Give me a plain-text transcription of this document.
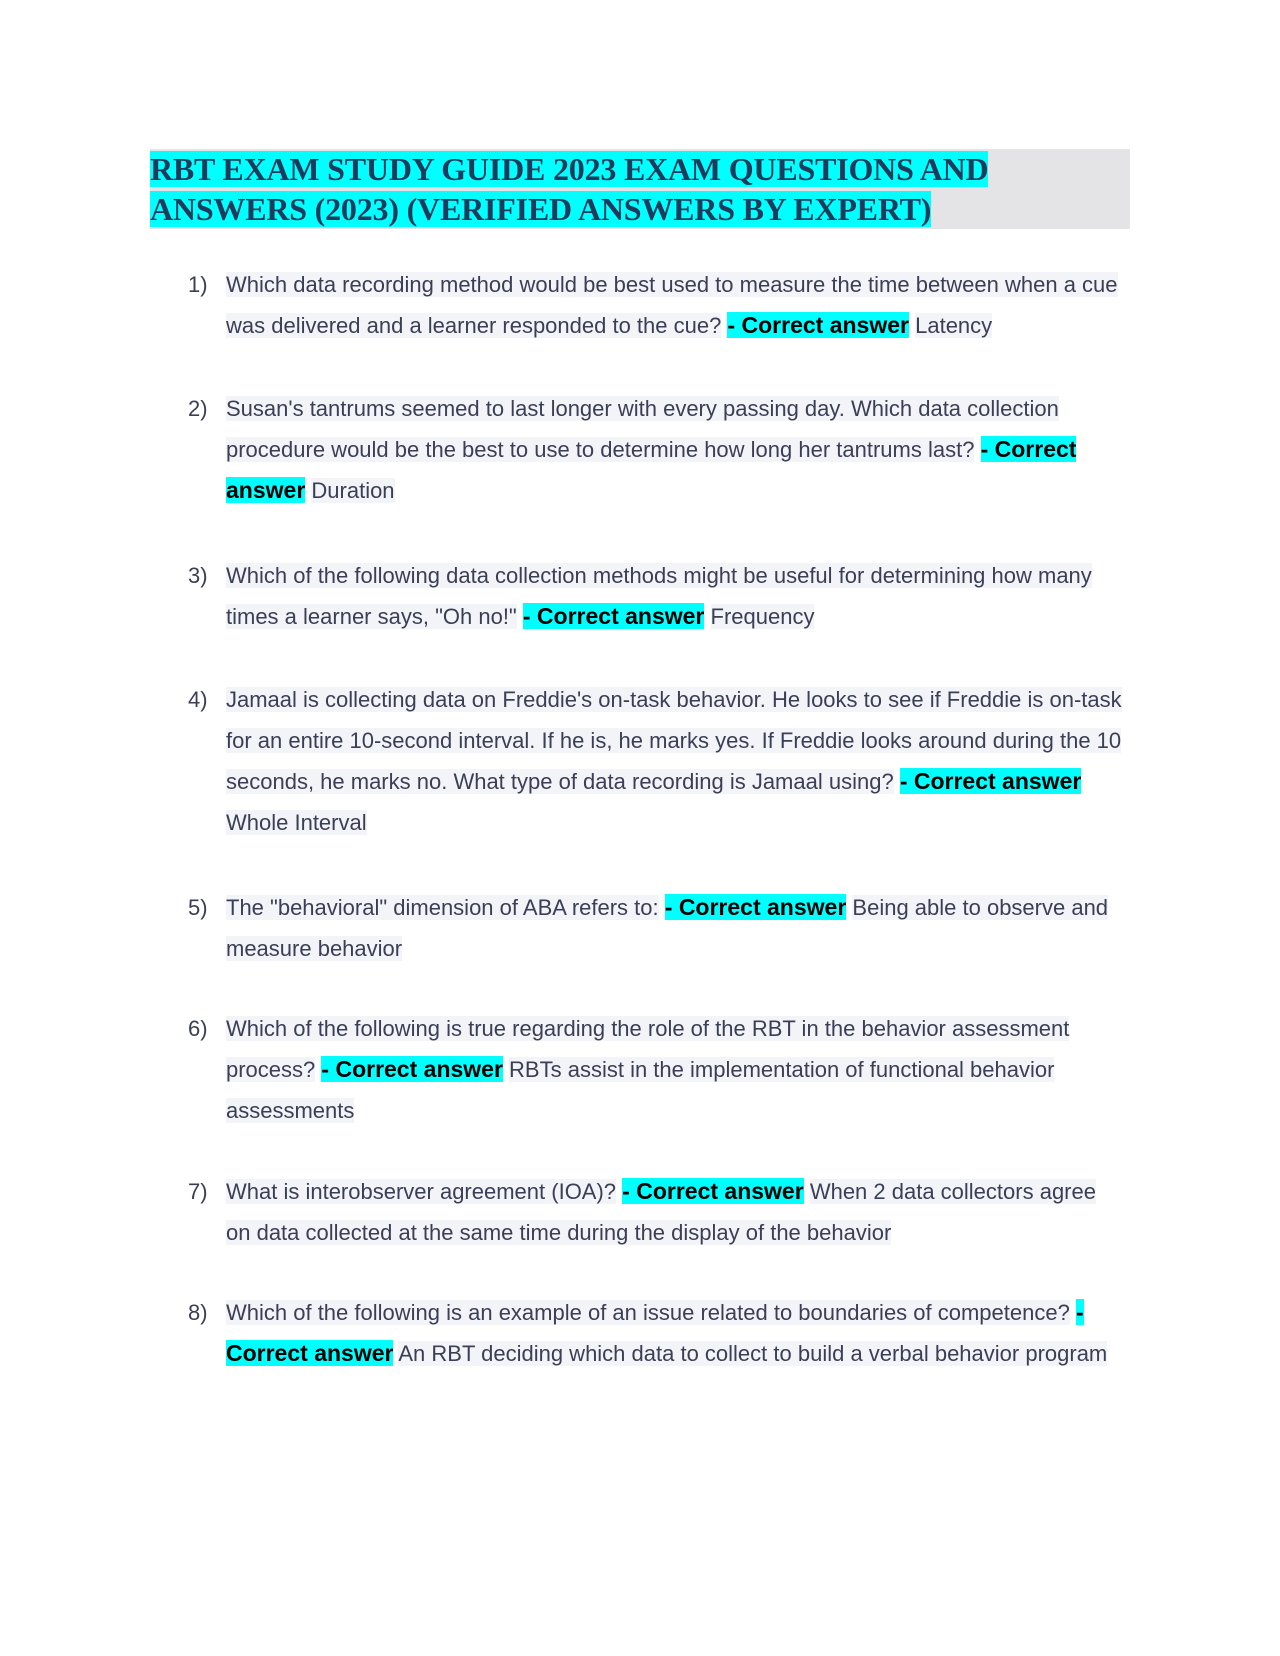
RBT EXAM STUDY GUIDE 2023 EXAM QUESTIONS AND
ANSWERS (2023) (VERIFIED ANSWERS BY EXPERT)
1) Which data recording method would be best used to measure the time between when a cue was delivered and a learner responded to the cue? - Correct answer Latency
2) Susan's tantrums seemed to last longer with every passing day. Which data collection procedure would be the best to use to determine how long her tantrums last? - Correct answer Duration
3) Which of the following data collection methods might be useful for determining how many times a learner says, "Oh no!" - Correct answer Frequency
4) Jamaal is collecting data on Freddie's on-task behavior. He looks to see if Freddie is on-task for an entire 10-second interval. If he is, he marks yes. If Freddie looks around during the 10 seconds, he marks no. What type of data recording is Jamaal using? - Correct answer Whole Interval
5) The "behavioral" dimension of ABA refers to: - Correct answer Being able to observe and measure behavior
6) Which of the following is true regarding the role of the RBT in the behavior assessment process? - Correct answer RBTs assist in the implementation of functional behavior assessments
7) What is interobserver agreement (IOA)? - Correct answer When 2 data collectors agree on data collected at the same time during the display of the behavior
8) Which of the following is an example of an issue related to boundaries of competence? - Correct answer An RBT deciding which data to collect to build a verbal behavior program
